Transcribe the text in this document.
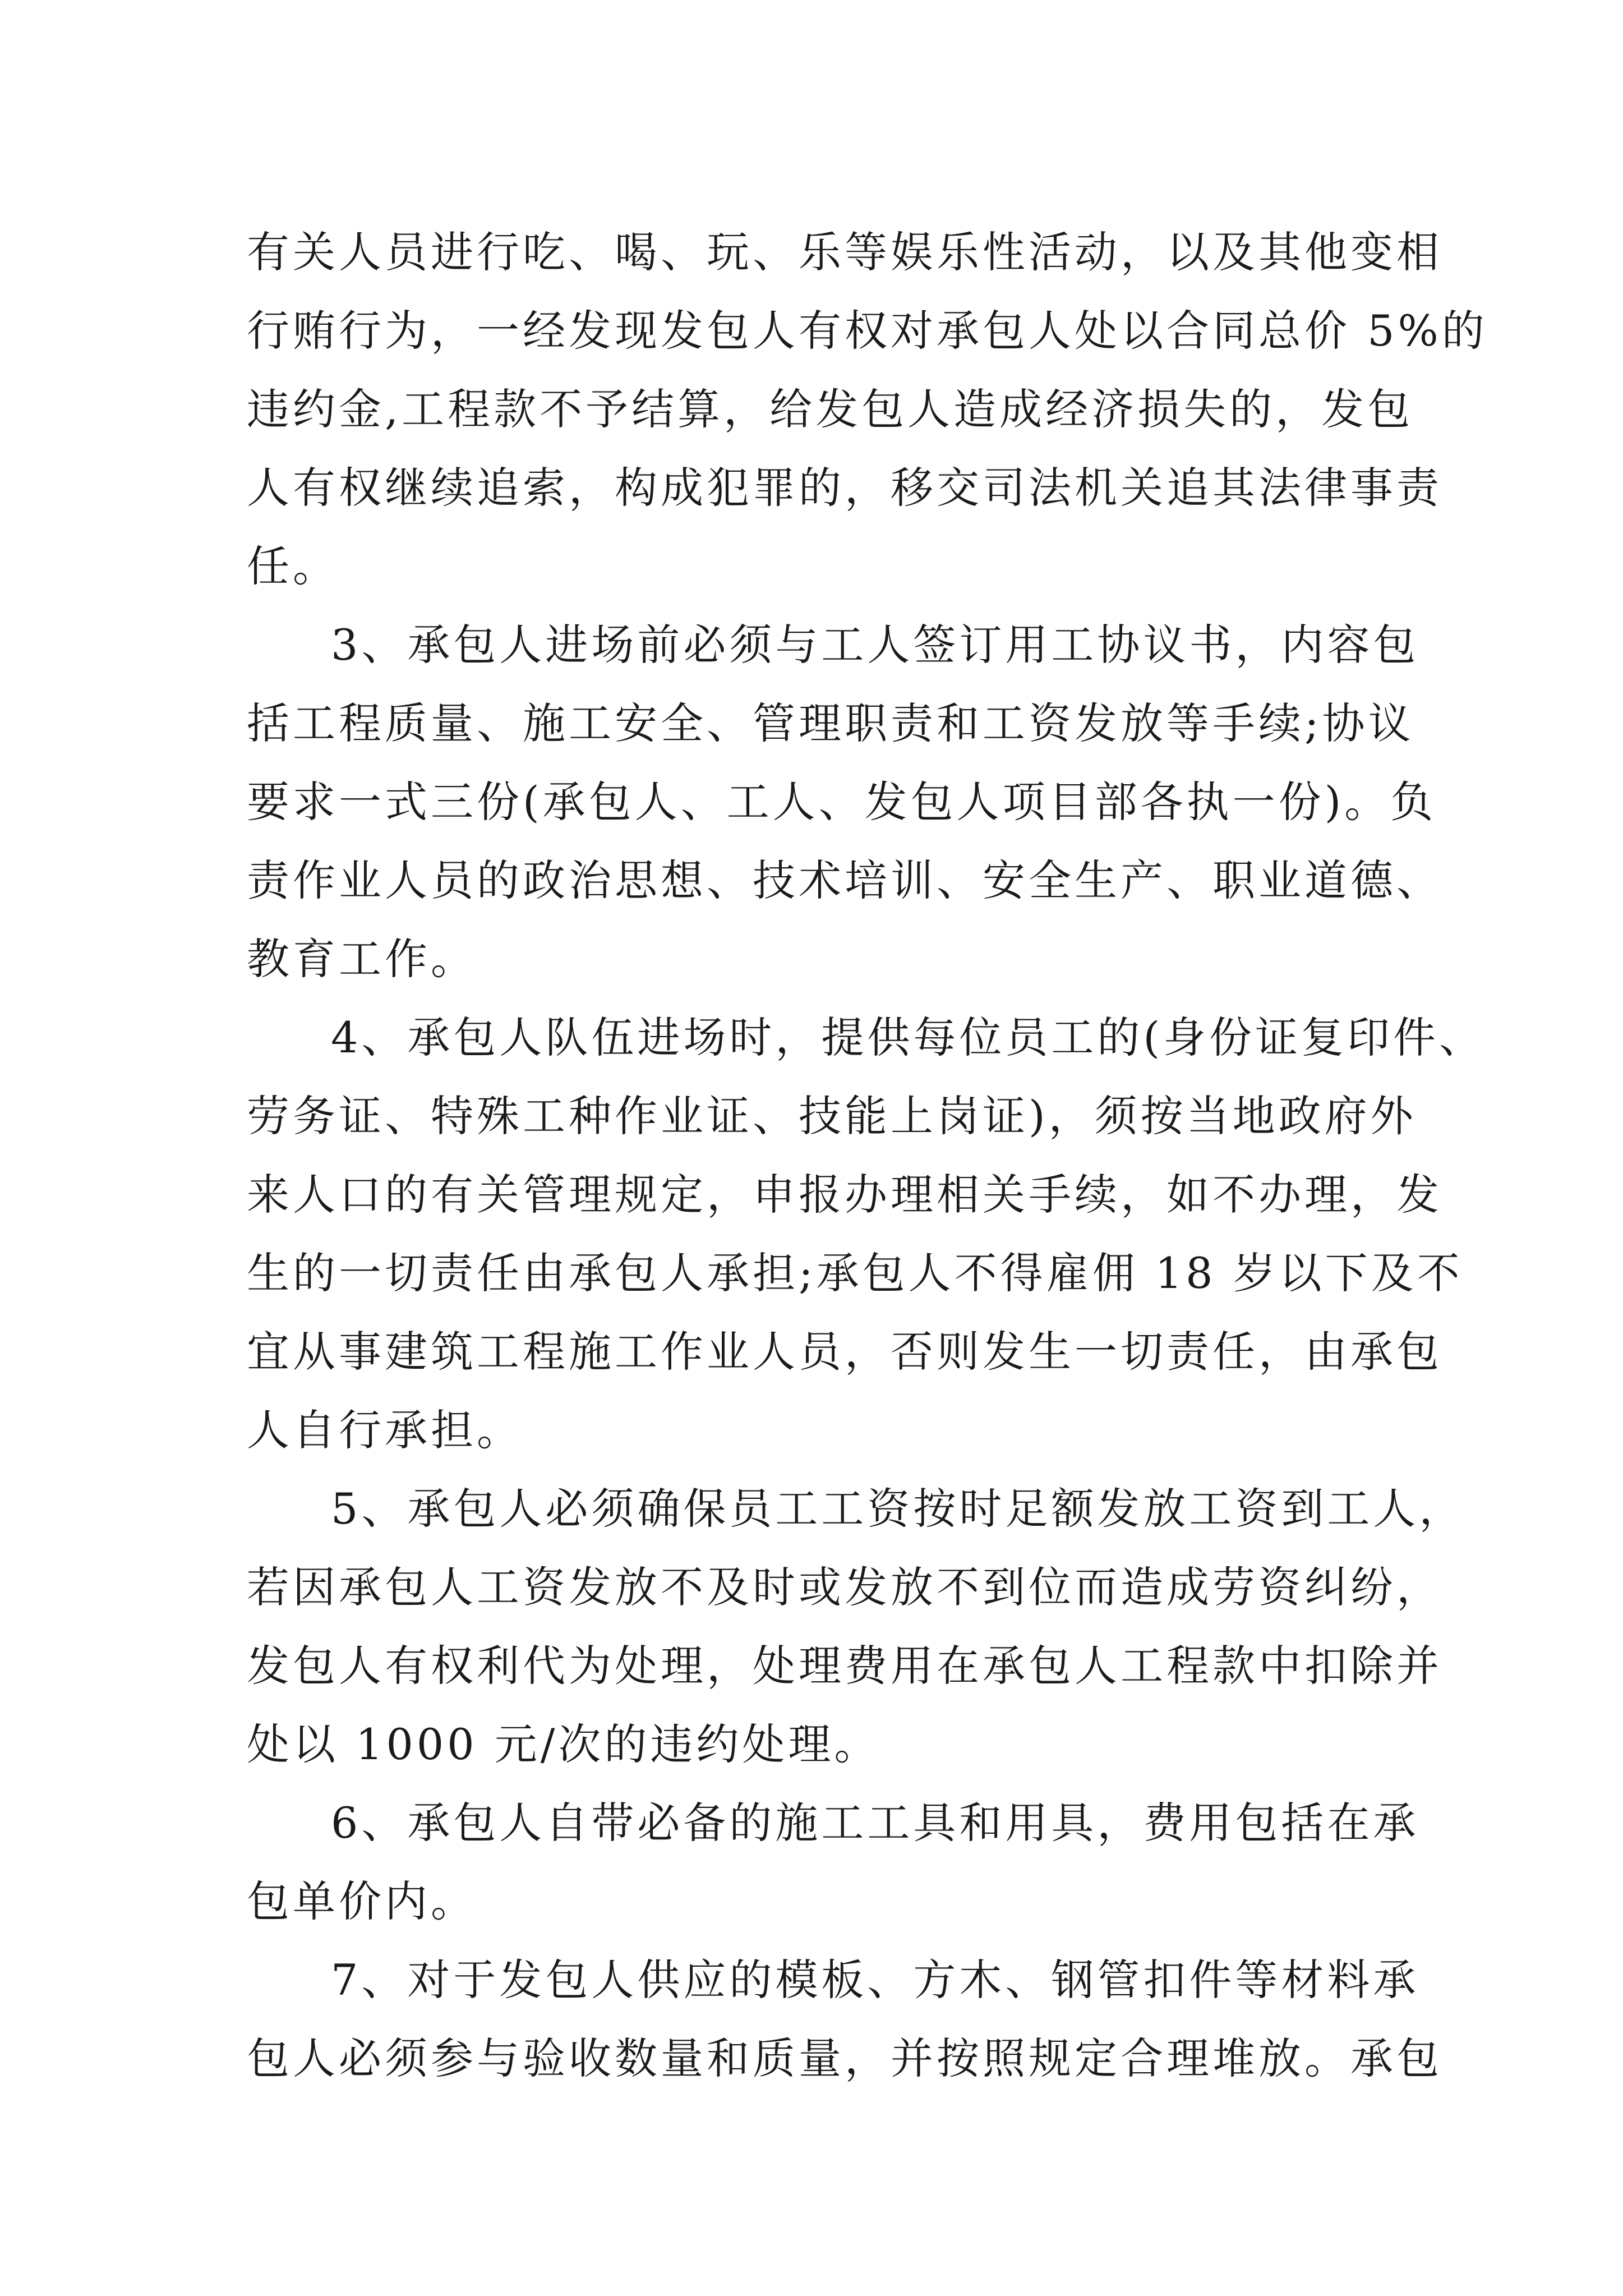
有关人员进行吃、喝、玩、乐等娱乐性活动，以及其他变相
行贿行为，一经发现发包人有权对承包人处以合同总价 5%的
违约金,工程款不予结算，给发包人造成经济损失的，发包
人有权继续追索，构成犯罪的，移交司法机关追其法律事责
任。
3、承包人进场前必须与工人签订用工协议书，内容包
括工程质量、施工安全、管理职责和工资发放等手续;协议
要求一式三份(承包人、工人、发包人项目部各执一份)。负
责作业人员的政治思想、技术培训、安全生产、职业道德、
教育工作。
4、承包人队伍进场时，提供每位员工的(身份证复印件、
劳务证、特殊工种作业证、技能上岗证)，须按当地政府外
来人口的有关管理规定，申报办理相关手续，如不办理，发
生的一切责任由承包人承担;承包人不得雇佣 18 岁以下及不
宜从事建筑工程施工作业人员，否则发生一切责任，由承包
人自行承担。
5、承包人必须确保员工工资按时足额发放工资到工人，
若因承包人工资发放不及时或发放不到位而造成劳资纠纷，
发包人有权利代为处理，处理费用在承包人工程款中扣除并
处以 1000 元/次的违约处理。
6、承包人自带必备的施工工具和用具，费用包括在承
包单价内。
7、对于发包人供应的模板、方木、钢管扣件等材料承
包人必须参与验收数量和质量，并按照规定合理堆放。承包
